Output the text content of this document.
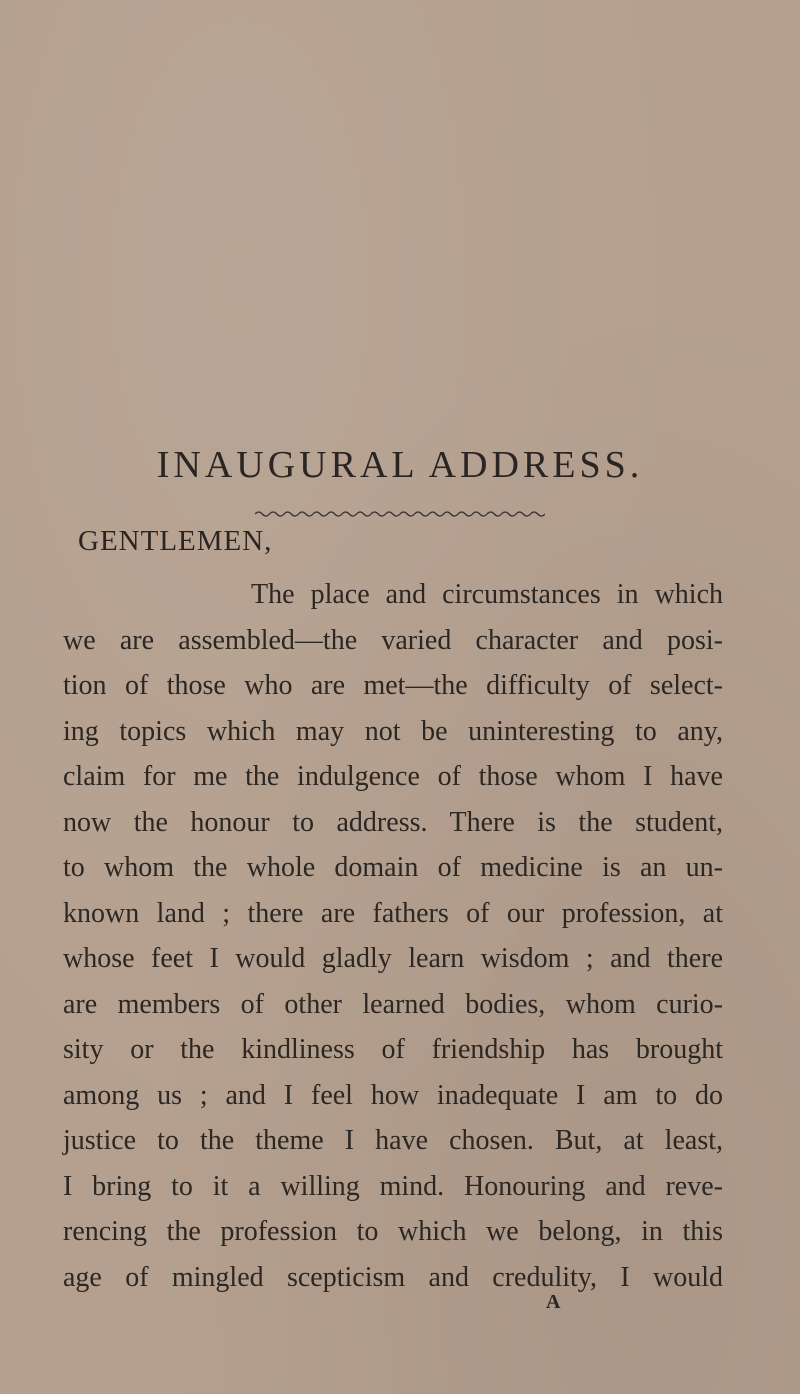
INAUGURAL ADDRESS.
GENTLEMEN,
The place and circumstances in which
we are assembled—the varied character and posi-
tion of those who are met—the difficulty of select-
ing topics which may not be uninteresting to any,
claim for me the indulgence of those whom I have
now the honour to address. There is the student,
to whom the whole domain of medicine is an un-
known land ; there are fathers of our profession, at
whose feet I would gladly learn wisdom ; and there
are members of other learned bodies, whom curio-
sity or the kindliness of friendship has brought
among us ; and I feel how inadequate I am to do
justice to the theme I have chosen. But, at least,
I bring to it a willing mind. Honouring and reve-
rencing the profession to which we belong, in this
age of mingled scepticism and credulity, I would
A
